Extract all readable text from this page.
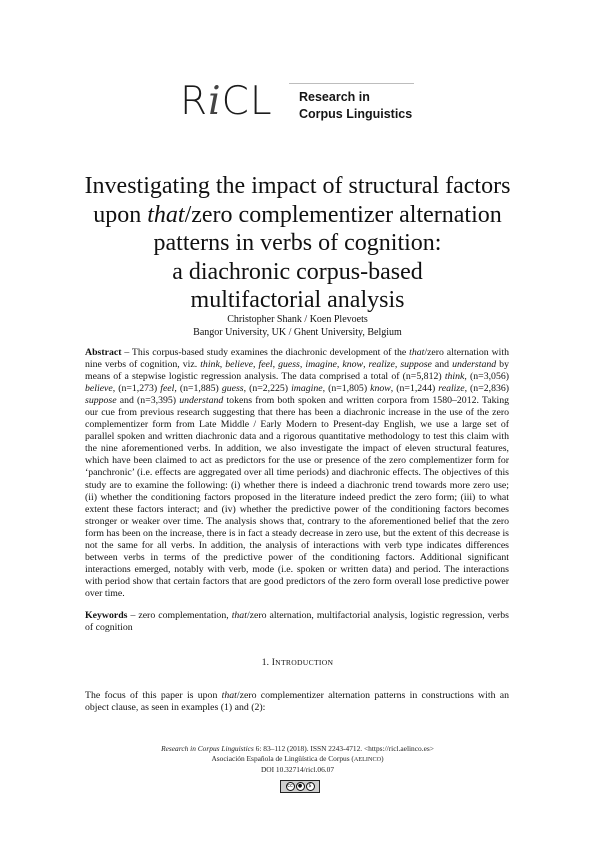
RiCL Research in
Corpus Linguistics
Investigating the impact of structural factors
upon that/zero complementizer alternation
patterns in verbs of cognition:
a diachronic corpus-based
multifactorial analysis
Christopher Shank / Koen Plevoets
Bangor University, UK / Ghent University, Belgium
Abstract – This corpus-based study examines the diachronic development of the that/zero alternation with nine verbs of cognition, viz. think, believe, feel, guess, imagine, know, realize, suppose and understand by means of a stepwise logistic regression analysis. The data comprised a total of (n=5,812) think, (n=3,056) believe, (n=1,273) feel, (n=1,885) guess, (n=2,225) imagine, (n=1,805) know, (n=1,244) realize, (n=2,836) suppose and (n=3,395) understand tokens from both spoken and written corpora from 1580–2012. Taking our cue from previous research suggesting that there has been a diachronic increase in the use of the zero complementizer form from Late Middle / Early Modern to Present-day English, we use a large set of parallel spoken and written diachronic data and a rigorous quantitative methodology to test this claim with the nine aforementioned verbs. In addition, we also investigate the impact of eleven structural features, which have been claimed to act as predictors for the use or presence of the zero complementizer form for ‘panchronic’ (i.e. effects are aggregated over all time periods) and diachronic effects. The objectives of this study are to examine the following: (i) whether there is indeed a diachronic trend towards more zero use; (ii) whether the conditioning factors proposed in the literature indeed predict the zero form; (iii) to what extent these factors interact; and (iv) whether the predictive power of the conditioning factors becomes stronger or weaker over time. The analysis shows that, contrary to the aforementioned belief that the zero form has been on the increase, there is in fact a steady decrease in zero use, but the extent of this decrease is not the same for all verbs. In addition, the analysis of interactions with verb type indicates differences between verbs in terms of the predictive power of the conditioning factors. Additional significant interactions emerged, notably with verb, mode (i.e. spoken or written data) and period. The interactions with period show that certain factors that are good predictors of the zero form overall lose predictive power over time.
Keywords – zero complementation, that/zero alternation, multifactorial analysis, logistic regression, verbs of cognition
1. INTRODUCTION
The focus of this paper is upon that/zero complementizer alternation patterns in constructions with an object clause, as seen in examples (1) and (2):
Research in Corpus Linguistics 6: 83–112 (2018). ISSN 2243-4712. <https://ricl.aelinco.es>
Asociación Española de Lingüística de Corpus (AELINCO)
DOI 10.32714/ricl.06.07
cc	●	$
